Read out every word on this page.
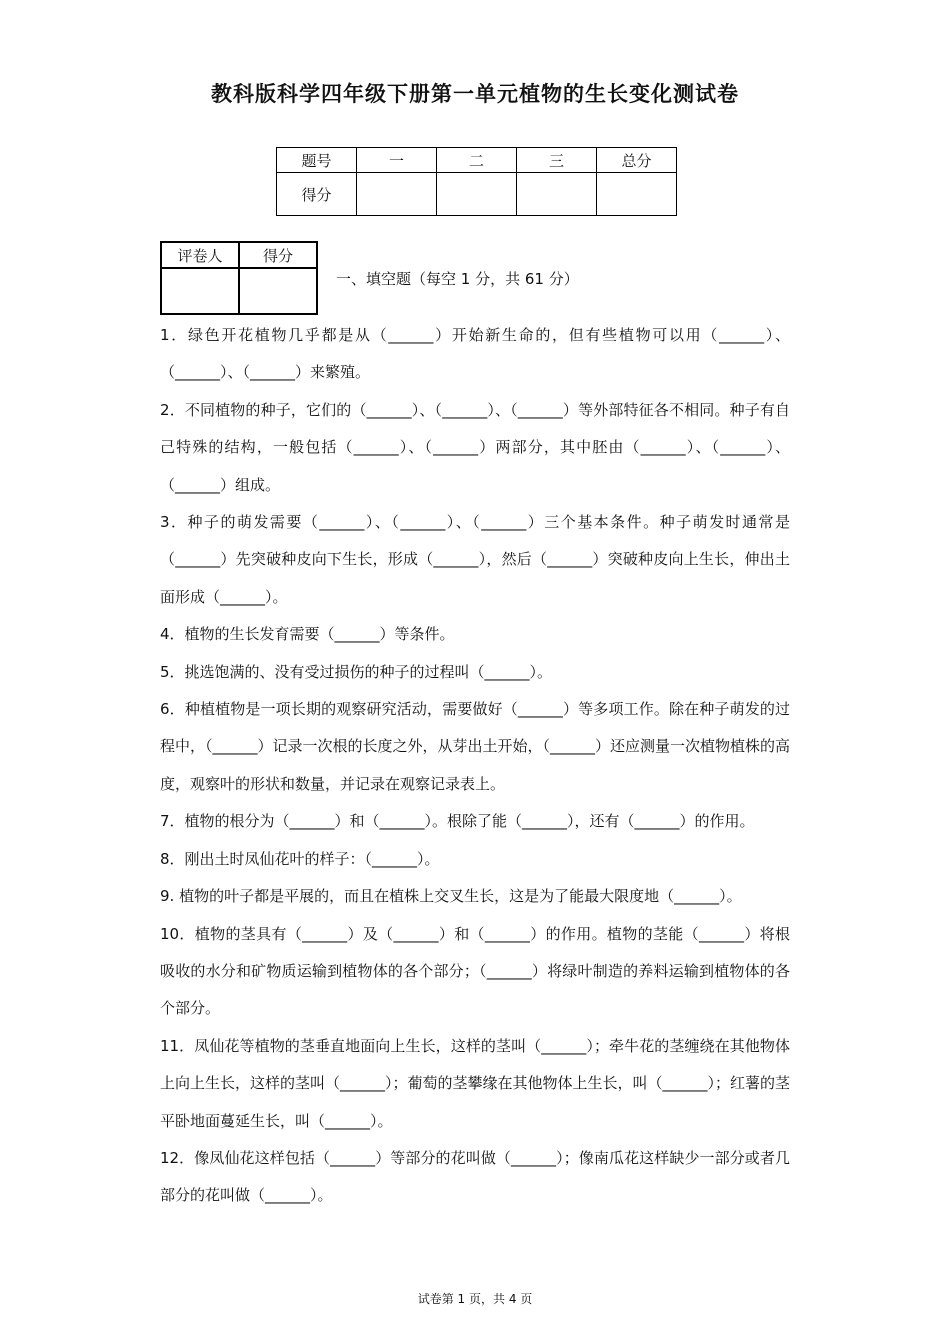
教科版科学四年级下册第一单元植物的生长变化测试卷
题号	一	二	三	总分
得分				
评卷人	得分

一、填空题（每空 1 分，共 61 分）
1．绿色开花植物几乎都是从（______）开始新生命的，但有些植物可以用（______）、（______）、（______）来繁殖。
2．不同植物的种子，它们的（______）、（______）、（______）等外部特征各不相同。种子有自己特殊的结构，一般包括（______）、（______）两部分，其中胚由（______）、（______）、（______）组成。
3．种子的萌发需要（______）、（______）、（______）三个基本条件。种子萌发时通常是（______）先突破种皮向下生长，形成（______），然后（______）突破种皮向上生长，伸出土面形成（______）。
4．植物的生长发育需要（______）等条件。
5．挑选饱满的、没有受过损伤的种子的过程叫（______）。
6．种植植物是一项长期的观察研究活动，需要做好（______）等多项工作。除在种子萌发的过程中，（______）记录一次根的长度之外，从芽出土开始，（______）还应测量一次植物植株的高度，观察叶的形状和数量，并记录在观察记录表上。
7．植物的根分为（______）和（______）。根除了能（______），还有（______）的作用。
8．刚出土时凤仙花叶的样子：（______）。
9. 植物的叶子都是平展的，而且在植株上交叉生长，这是为了能最大限度地（______）。
10．植物的茎具有（______）及（______）和（______）的作用。植物的茎能（______）将根吸收的水分和矿物质运输到植物体的各个部分；（______）将绿叶制造的养料运输到植物体的各个部分。
11．凤仙花等植物的茎垂直地面向上生长，这样的茎叫（______）；牵牛花的茎缠绕在其他物体上向上生长，这样的茎叫（______）；葡萄的茎攀缘在其他物体上生长，叫（______）；红薯的茎平卧地面蔓延生长，叫（______）。
12．像凤仙花这样包括（______）等部分的花叫做（______）；像南瓜花这样缺少一部分或者几部分的花叫做（______）。
试卷第 1 页，共 4 页
